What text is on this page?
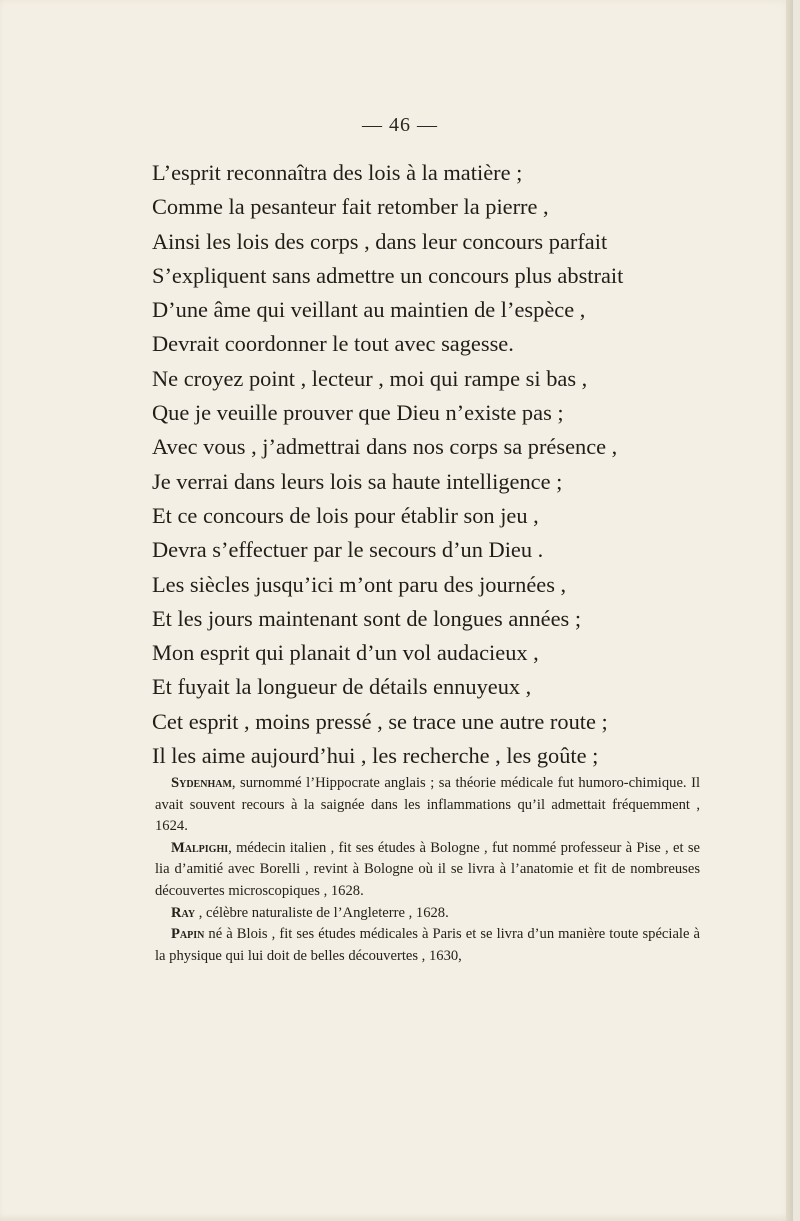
— 46 —
L’esprit reconnaîtra des lois à la matière ;
Comme la pesanteur fait retomber la pierre ,
Ainsi les lois des corps , dans leur concours parfait
S’expliquent sans admettre un concours plus abstrait
D’une âme qui veillant au maintien de l’espèce ,
Devrait coordonner le tout avec sagesse.
Ne croyez point , lecteur , moi qui rampe si bas ,
Que je veuille prouver que Dieu n’existe pas ;
Avec vous , j’admettrai dans nos corps sa présence ,
Je verrai dans leurs lois sa haute intelligence ;
Et ce concours de lois pour établir son jeu ,
Devra s’effectuer par le secours d’un Dieu .
Les siècles jusqu’ici m’ont paru des journées ,
Et les jours maintenant sont de longues années ;
Mon esprit qui planait d’un vol audacieux ,
Et fuyait la longueur de détails ennuyeux ,
Cet esprit , moins pressé , se trace une autre route ;
Il les aime aujourd’hui , les recherche , les goûte ;

Sydenham, surnommé l’Hippocrate anglais ; sa théorie médicale fut humoro-chimique. Il avait souvent recours à la saignée dans les inflammations qu’il admettait fréquemment , 1624.

Malpighi, médecin italien , fit ses études à Bologne , fut nommé professeur à Pise , et se lia d’amitié avec Borelli , revint à Bologne où il se livra à l’anatomie et fit de nombreuses découvertes microscopiques , 1628.

Ray , célèbre naturaliste de l’Angleterre , 1628.

Papin né à Blois , fit ses études médicales à Paris et se livra d’un manière toute spéciale à la physique qui lui doit de belles découvertes , 1630,
